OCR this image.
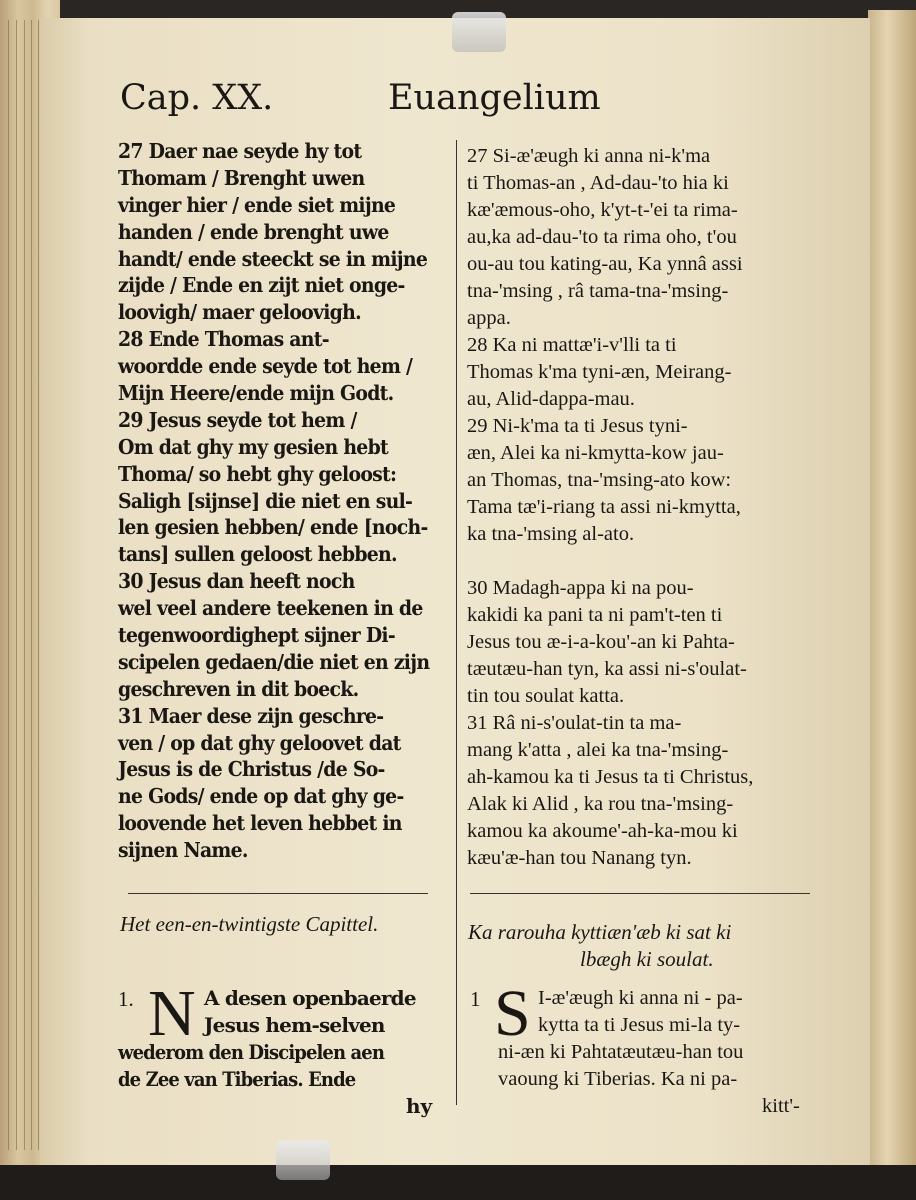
Cap. XX.	Euangelium

27 Daer nae seyde hy tot

Thomam / Brenght uwen

vinger hier / ende siet mijne

handen / ende brenght uwe

handt/ ende steeckt se in mijne

zijde / Ende en zijt niet onge-

loovigh/ maer geloovigh.

28 Ende Thomas ant-

woordde ende seyde tot hem /

Mijn Heere/ende mijn Godt.

29 Jesus seyde tot hem /

Om dat ghy my gesien hebt

Thoma/ so hebt ghy geloost:

Saligh [sijnse] die niet en sul-

len gesien hebben/ ende [noch-

tans] sullen geloost hebben.

30 Jesus dan heeft noch

wel veel andere teekenen in de

tegenwoordighept sijner Di-

scipelen gedaen/die niet en zijn

geschreven in dit boeck.

31 Maer dese zijn geschre-

ven / op dat ghy geloovet dat

Jesus is de Christus /de So-

ne Gods/ ende op dat ghy ge-

loovende het leven hebbet in

sijnen Name.

27 Si-æ'æugh ki anna ni-k'ma

ti Thomas-an , Ad-dau-'to hia ki

kæ'æmous-oho, k'yt-t-'ei ta rima-

au,ka ad-dau-'to ta rima oho, t'ou

ou-au tou kating-au, Ka ynnâ assi

tna-'msing , râ tama-tna-'msing-

appa.

28 Ka ni mattæ'i-v'lli ta ti

Thomas k'ma tyni-æn, Meirang-

au, Alid-dappa-mau.

29 Ni-k'ma ta ti Jesus tyni-

æn, Alei ka ni-kmytta-kow jau-

an Thomas, tna-'msing-ato kow:

Tama tæ'i-riang ta assi ni-kmytta,

ka tna-'msing al-ato.

30 Madagh-appa ki na pou-

kakidi ka pani ta ni pam't-ten ti

Jesus tou æ-i-a-kou'-an ki Pahta-

tæutæu-han tyn, ka assi ni-s'oulat-

tin tou soulat katta.

31 Râ ni-s'oulat-tin ta ma-

mang k'atta , alei ka tna-'msing-

ah-kamou ka ti Jesus ta ti Christus,

Alak ki Alid , ka rou tna-'msing-

kamou ka akoume'-ah-ka-mou ki

kæu'æ-han tou Nanang tyn.

Het een-en-twintigste Capittel.	Ka rarouha kyttiæn'æb ki sat ki
lbægh ki soulat.
1. N A desen openbaerde
Jesus hem-selven
wederom den Discipelen aen
de Zee van Tiberias. Ende
hy
1 S I-æ'æugh ki anna ni - pa-
kytta ta ti Jesus mi-la ty-
ni-æn ki Pahtatæutæu-han tou
vaoung ki Tiberias. Ka ni pa-
kitt'-
